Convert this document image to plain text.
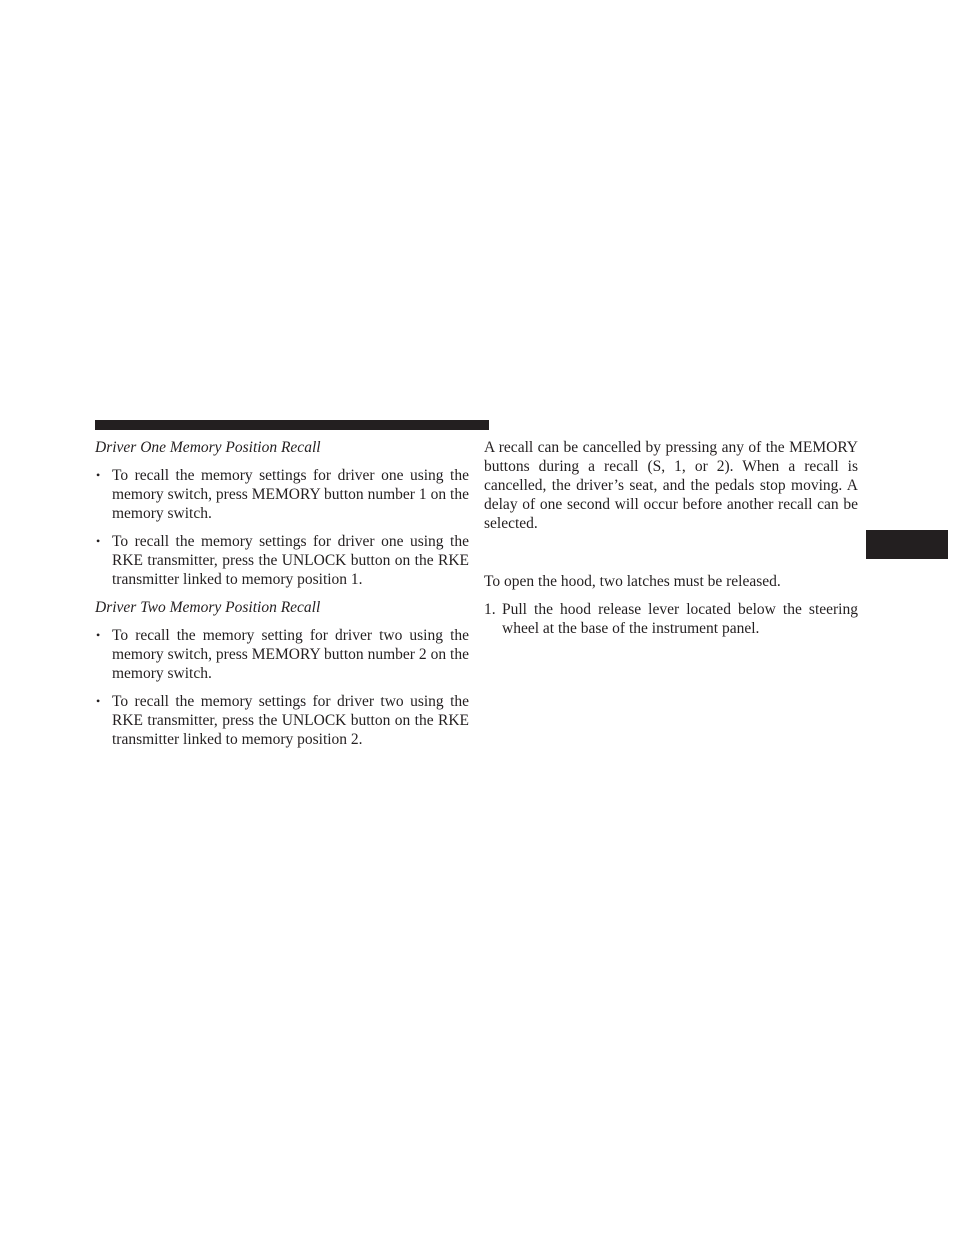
Driver One Memory Position Recall

• To recall the memory settings for driver one using the memory switch, press MEMORY button number 1 on the memory switch.
• To recall the memory settings for driver one using the RKE transmitter, press the UNLOCK button on the RKE transmitter linked to memory position 1.

Driver Two Memory Position Recall

• To recall the memory setting for driver two using the memory switch, press MEMORY button number 2 on the memory switch.
• To recall the memory settings for driver two using the RKE transmitter, press the UNLOCK button on the RKE transmitter linked to memory position 2.

A recall can be cancelled by pressing any of the MEMORY buttons during a recall (S, 1, or 2). When a recall is cancelled, the driver’s seat, and the pedals stop moving. A delay of one second will occur before another recall can be selected.

To open the hood, two latches must be released.

1. Pull the hood release lever located below the steering wheel at the base of the instrument panel.
